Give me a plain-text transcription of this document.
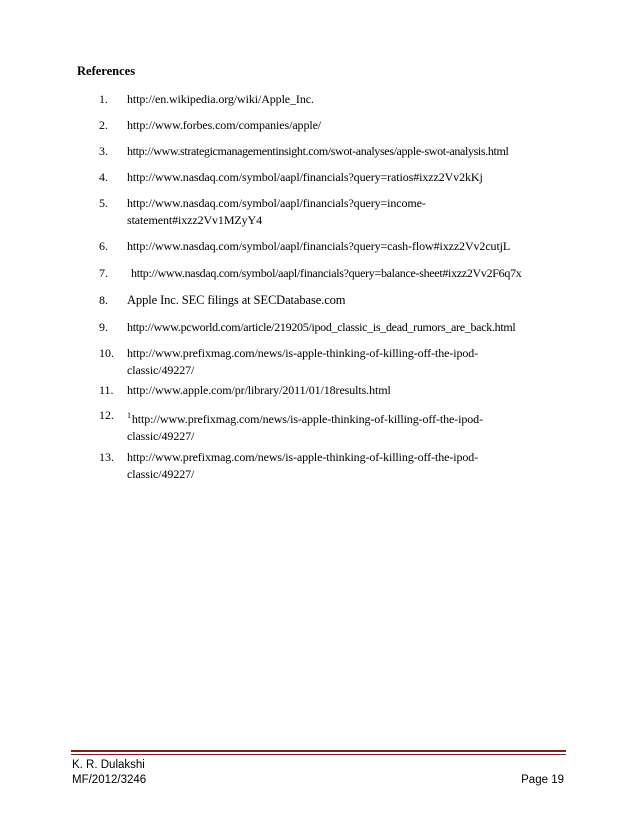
References
1. http://en.wikipedia.org/wiki/Apple_Inc.
2. http://www.forbes.com/companies/apple/
3. http://www.strategicmanagementinsight.com/swot-analyses/apple-swot-analysis.html
4. http://www.nasdaq.com/symbol/aapl/financials?query=ratios#ixzz2Vv2kKj
5. http://www.nasdaq.com/symbol/aapl/financials?query=income-statement#ixzz2Vv1MZyY4
6. http://www.nasdaq.com/symbol/aapl/financials?query=cash-flow#ixzz2Vv2cutjL
7. http://www.nasdaq.com/symbol/aapl/financials?query=balance-sheet#ixzz2Vv2F6q7x
8. Apple Inc. SEC filings at SECDatabase.com
9. http://www.pcworld.com/article/219205/ipod_classic_is_dead_rumors_are_back.html
10. http://www.prefixmag.com/news/is-apple-thinking-of-killing-off-the-ipod-classic/49227/
11. http://www.apple.com/pr/library/2011/01/18results.html
12. $^1$http://www.prefixmag.com/news/is-apple-thinking-of-killing-off-the-ipod-classic/49227/
13. http://www.prefixmag.com/news/is-apple-thinking-of-killing-off-the-ipod-classic/49227/
K. R. Dulakshi
MF/2012/3246	Page 19
